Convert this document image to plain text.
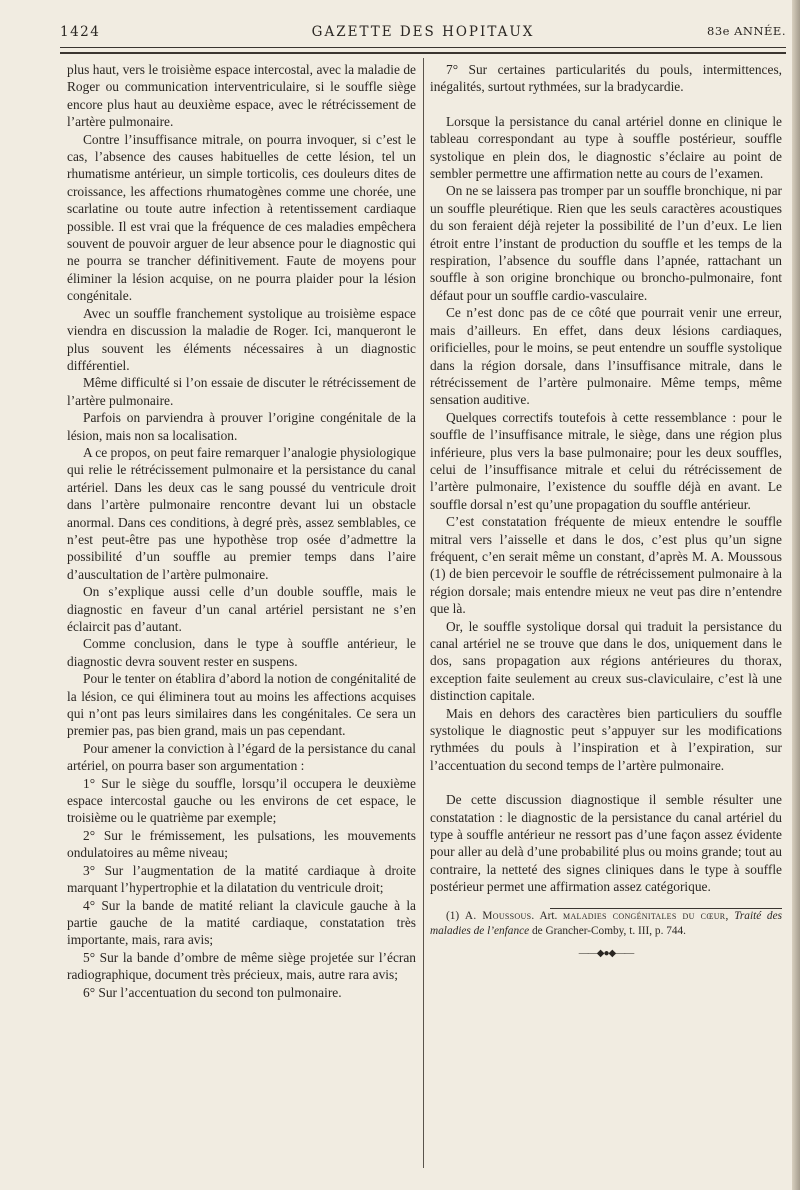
1424	GAZETTE DES HOPITAUX	83e ANNÉE.

plus haut, vers le troisième espace intercostal, avec la maladie de Roger ou communication interventriculaire, si le souffle siège encore plus haut au deuxième espace, avec le rétrécissement de l’artère pulmonaire.

Contre l’insuffisance mitrale, on pourra invoquer, si c’est le cas, l’absence des causes habituelles de cette lésion, tel un rhumatisme antérieur, un simple torticolis, ces douleurs dites de croissance, les affections rhumatogènes comme une chorée, une scarlatine ou toute autre infection à retentissement cardiaque possible. Il est vrai que la fréquence de ces maladies empêchera souvent de pouvoir arguer de leur absence pour le diagnostic qui ne pourra se trancher définitivement. Faute de moyens pour éliminer la lésion acquise, on ne pourra plaider pour la lésion congénitale.

Avec un souffle franchement systolique au troisième espace viendra en discussion la maladie de Roger. Ici, manqueront le plus souvent les éléments nécessaires à un diagnostic différentiel.

Même difficulté si l’on essaie de discuter le rétrécissement de l’artère pulmonaire.

Parfois on parviendra à prouver l’origine congénitale de la lésion, mais non sa localisation.

A ce propos, on peut faire remarquer l’analogie physiologique qui relie le rétrécissement pulmonaire et la persistance du canal artériel. Dans les deux cas le sang poussé du ventricule droit dans l’artère pulmonaire rencontre devant lui un obstacle anormal. Dans ces conditions, à degré près, assez semblables, ce n’est peut-être pas une hypothèse trop osée d’admettre la possibilité d’un souffle au premier temps dans l’aire d’auscultation de l’artère pulmonaire.

On s’explique aussi celle d’un double souffle, mais le diagnostic en faveur d’un canal artériel persistant ne s’en éclaircit pas d’autant.

Comme conclusion, dans le type à souffle antérieur, le diagnostic devra souvent rester en suspens.

Pour le tenter on établira d’abord la notion de congénitalité de la lésion, ce qui éliminera tout au moins les affections acquises qui n’ont pas leurs similaires dans les congénitales. Ce sera un premier pas, pas bien grand, mais un pas cependant.

Pour amener la conviction à l’égard de la persistance du canal artériel, on pourra baser son argumentation :

1° Sur le siège du souffle, lorsqu’il occupera le deuxième espace intercostal gauche ou les environs de cet espace, le troisième ou le quatrième par exemple;

2° Sur le frémissement, les pulsations, les mouvements ondulatoires au même niveau;

3° Sur l’augmentation de la matité cardiaque à droite marquant l’hypertrophie et la dilatation du ventricule droit;

4° Sur la bande de matité reliant la clavicule gauche à la partie gauche de la matité cardiaque, constatation très importante, mais, rara avis;

5° Sur la bande d’ombre de même siège projetée sur l’écran radiographique, document très précieux, mais, autre rara avis;

6° Sur l’accentuation du second ton pulmonaire.

7° Sur certaines particularités du pouls, intermittences, inégalités, surtout rythmées, sur la bradycardie.

Lorsque la persistance du canal artériel donne en clinique le tableau correspondant au type à souffle postérieur, souffle systolique en plein dos, le diagnostic s’éclaire au point de sembler permettre une affirmation nette au cours de l’examen.

On ne se laissera pas tromper par un souffle bronchique, ni par un souffle pleurétique. Rien que les seuls caractères acoustiques du son feraient déjà rejeter la possibilité de l’un d’eux. Le lien étroit entre l’instant de production du souffle et les temps de la respiration, l’absence du souffle dans l’apnée, rattachant un souffle à son origine bronchique ou broncho-pulmonaire, font défaut pour un souffle cardio-vasculaire.

Ce n’est donc pas de ce côté que pourrait venir une erreur, mais d’ailleurs. En effet, dans deux lésions cardiaques, orificielles, pour le moins, se peut entendre un souffle systolique dans la région dorsale, dans l’insuffisance mitrale, dans le rétrécissement de l’artère pulmonaire. Même temps, même sensation auditive.

Quelques correctifs toutefois à cette ressemblance : pour le souffle de l’insuffisance mitrale, le siège, dans une région plus inférieure, plus vers la base pulmonaire; pour les deux souffles, celui de l’insuffisance mitrale et celui du rétrécissement de l’artère pulmonaire, l’existence du souffle déjà en avant. Le souffle dorsal n’est qu’une propagation du souffle antérieur.

C’est constatation fréquente de mieux entendre le souffle mitral vers l’aisselle et dans le dos, c’est plus qu’un signe fréquent, c’en serait même un constant, d’après M. A. Moussous (1) de bien percevoir le souffle de rétrécissement pulmonaire à la région dorsale; mais entendre mieux ne veut pas dire n’entendre que là.

Or, le souffle systolique dorsal qui traduit la persistance du canal artériel ne se trouve que dans le dos, uniquement dans le dos, sans propagation aux régions antérieures du thorax, exception faite seulement au creux sus-claviculaire, c’est là une distinction capitale.

Mais en dehors des caractères bien particuliers du souffle systolique le diagnostic peut s’appuyer sur les modifications rythmées du pouls à l’inspiration et à l’expiration, sur l’accentuation du second temps de l’artère pulmonaire.

De cette discussion diagnostique il semble résulter une constatation : le diagnostic de la persistance du canal artériel du type à souffle antérieur ne ressort pas d’une façon assez évidente pour aller au delà d’une probabilité plus ou moins grande; tout au contraire, la netteté des signes cliniques dans le type à souffle postérieur permet une affirmation assez catégorique.

(1) A. Moussous. Art. maladies congénitales du cœur, Traité des maladies de l’enfance de Grancher-Comby, t. III, p. 744.

——◆●◆——
